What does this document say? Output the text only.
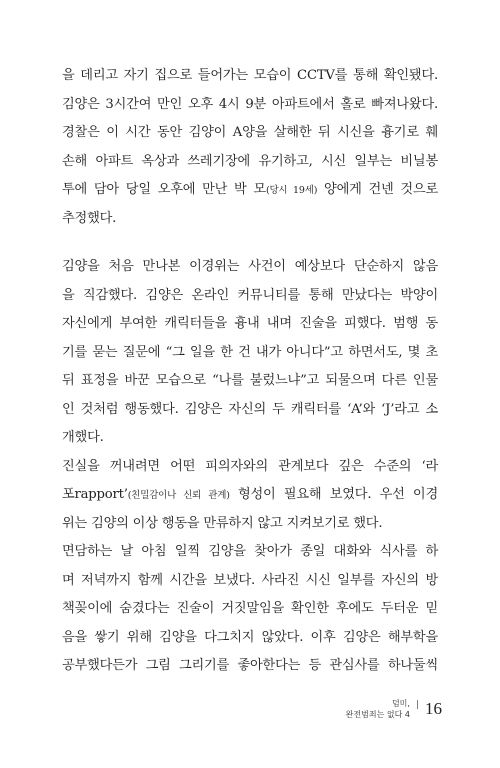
을 데리고 자기 집으로 들어가는 모습이 CCTV를 통해 확인됐다.
김양은 3시간여 만인 오후 4시 9분 아파트에서 홀로 빠져나왔다.
경찰은 이 시간 동안 김양이 A양을 살해한 뒤 시신을 흉기로 훼
손해 아파트 옥상과 쓰레기장에 유기하고, 시신 일부는 비닐봉
투에 담아 당일 오후에 만난 박 모(당시 19세) 양에게 건넨 것으로
추정했다.
김양을 처음 만나본 이경위는 사건이 예상보다 단순하지 않음
을 직감했다. 김양은 온라인 커뮤니티를 통해 만났다는 박양이
자신에게 부여한 캐릭터들을 흉내 내며 진술을 피했다. 범행 동
기를 묻는 질문에 “그 일을 한 건 내가 아니다”고 하면서도, 몇 초
뒤 표정을 바꾼 모습으로 “나를 불렀느냐”고 되물으며 다른 인물
인 것처럼 행동했다. 김양은 자신의 두 캐릭터를 ‘A’와 ‘J’라고 소
개했다.
진실을 꺼내려면 어떤 피의자와의 관계보다 깊은 수준의 ‘라
포rapport’(친밀감이나 신뢰 관계) 형성이 필요해 보였다. 우선 이경
위는 김양의 이상 행동을 만류하지 않고 지켜보기로 했다.
면담하는 날 아침 일찍 김양을 찾아가 종일 대화와 식사를 하
며 저녁까지 함께 시간을 보냈다. 사라진 시신 일부를 자신의 방
책꽂이에 숨겼다는 진술이 거짓말임을 확인한 후에도 두터운 믿
음을 쌓기 위해 김양을 다그치지 않았다. 이후 김양은 해부학을
공부했다든가 그림 그리기를 좋아한다는 등 관심사를 하나둘씩
덤미,
완전범죄는 없다 4
| 16
